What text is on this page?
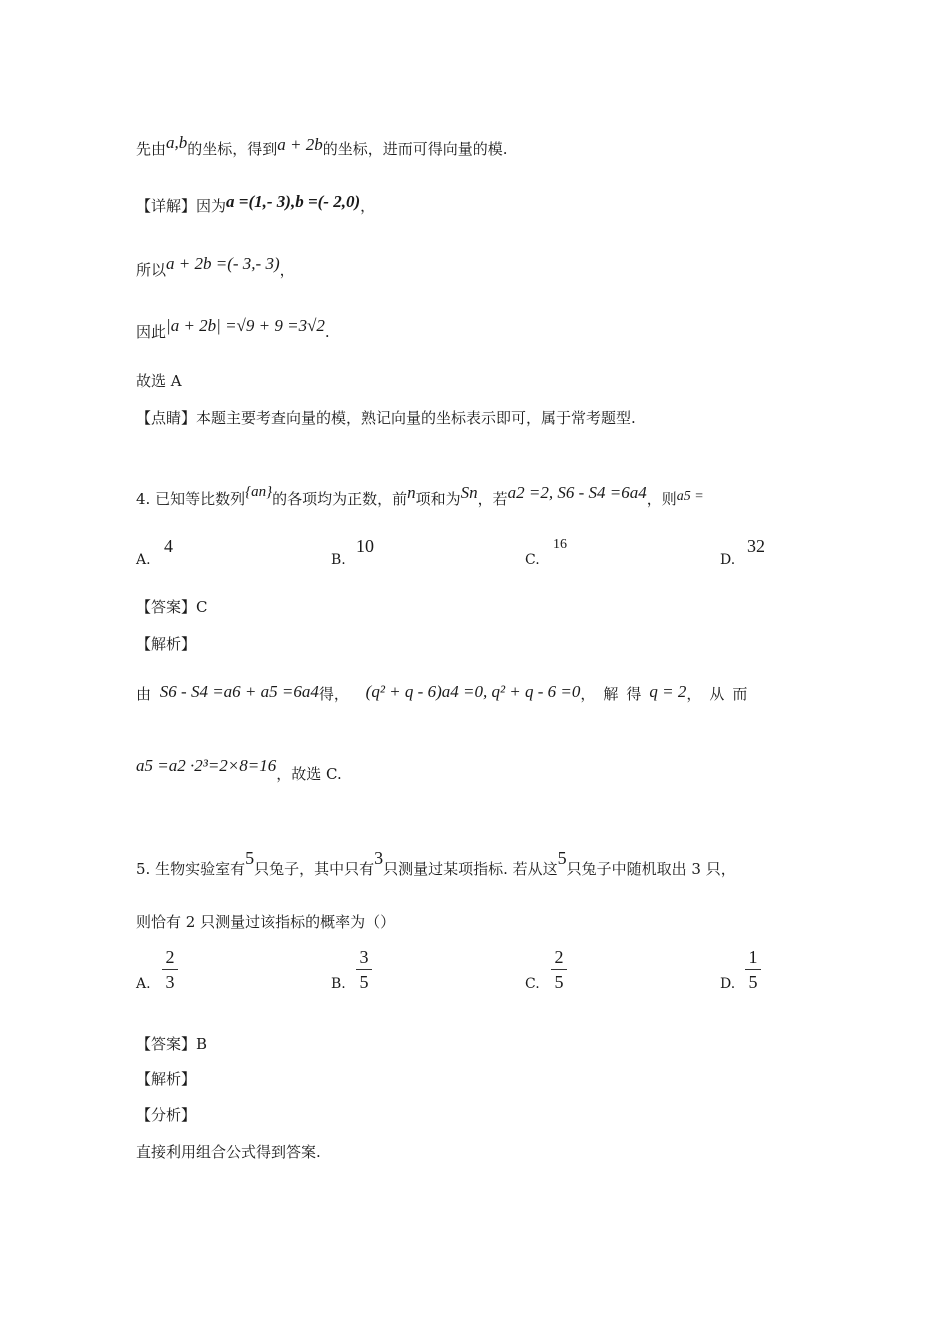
先由a,b的坐标，得到a + 2b的坐标，进而可得向量的模.
【详解】因为a =(1,- 3),b =(- 2,0)，
所以a + 2b =(- 3,- 3)，
因此|a + 2b| =√9 + 9 =3√2.
故选 A
【点睛】本题主要考查向量的模，熟记向量的坐标表示即可，属于常考题型.
4. 已知等比数列{an}的各项均为正数，前n项和为Sn，若a2 =2, S6 - S4 =6a4，则a5 =
A.
4
B.
10
C.
16
D.
32
【答案】C
【解析】
由 S6 - S4 =a6 + a5 =6a4得， (q² + q - 6)a4 =0, q² + q - 6 =0，解得q = 2，从而
a5 =a2 ·2³=2×8=16，故选 C.
5. 生物实验室有5只兔子，其中只有3只测量过某项指标. 若从这5只兔子中随机取出 3 只，
则恰有 2 只测量过该指标的概率为（）
A. $\frac{2}{3}$	B. $\frac{3}{5}$	C. $\frac{2}{5}$	D. $\frac{1}{5}$
【答案】B
【解析】
【分析】
直接利用组合公式得到答案.
